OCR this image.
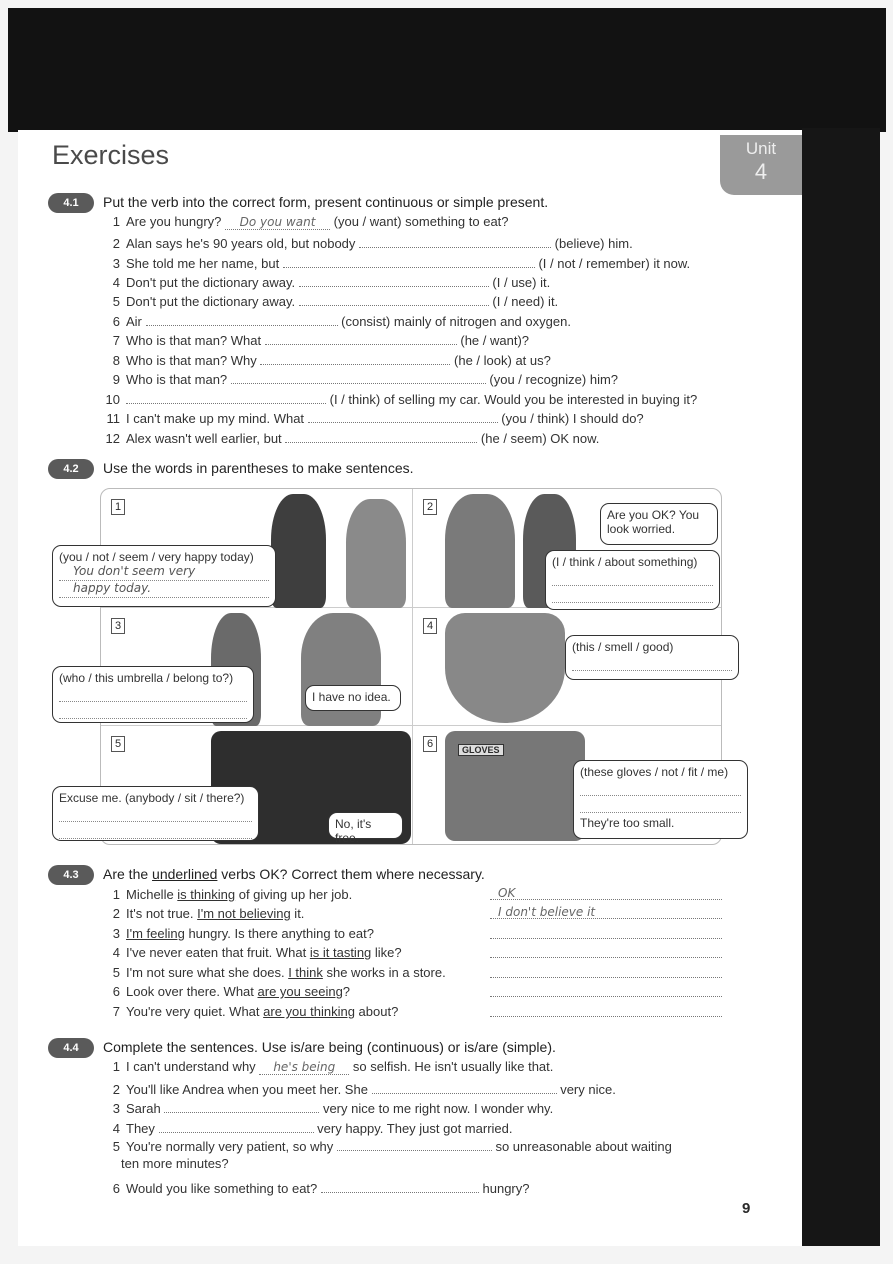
Exercises	Unit
4
4.1	Put the verb into the correct form, present continuous or simple present.
1 Are you hungry? Do you want (you / want) something to eat?
2 Alan says he's 90 years old, but nobody	(believe) him.
3 She told me her name, but	(I / not / remember) it now.
4 Don't put the dictionary away.	(I / use) it.
5 Don't put the dictionary away.	(I / need) it.
6 Air	(consist) mainly of nitrogen and oxygen.
7 Who is that man? What	(he / want)?
8 Who is that man? Why	(he / look) at us?
9 Who is that man?	(you / recognize) him?
10	(I / think) of selling my car. Would you be interested in buying it?
11 I can't make up my mind. What	(you / think) I should do?
12 Alex wasn't well earlier, but	(he / seem) OK now.
4.2	Use the words in parentheses to make sentences.
1	2
3	4
5	6	GLOVES
(you / not / seem / very happy today)
You don't seem very
happy today.
Are you OK? You look worried.
(I / think / about something)
(who / this umbrella / belong to?)
I have no idea.
(this / smell / good)
Excuse me. (anybody / sit / there?)
No, it's free.
(these gloves / not / fit / me)
They're too small.
4.3	Are the underlined verbs OK? Correct them where necessary.
1 Michelle is thinking of giving up her job.	OK
2 It's not true. I'm not believing it.	I don't believe it
3 I'm feeling hungry. Is there anything to eat?
4 I've never eaten that fruit. What is it tasting like?
5 I'm not sure what she does. I think she works in a store.
6 Look over there. What are you seeing?
7 You're very quiet. What are you thinking about?
4.4	Complete the sentences. Use is/are being (continuous) or is/are (simple).
1 I can't understand why he's being so selfish. He isn't usually like that.
2 You'll like Andrea when you meet her. She	very nice.
3 Sarah	very nice to me right now. I wonder why.
4 They	very happy. They just got married.
5 You're normally very patient, so why	so unreasonable about waiting
ten more minutes?
6 Would you like something to eat?	hungry?
9
